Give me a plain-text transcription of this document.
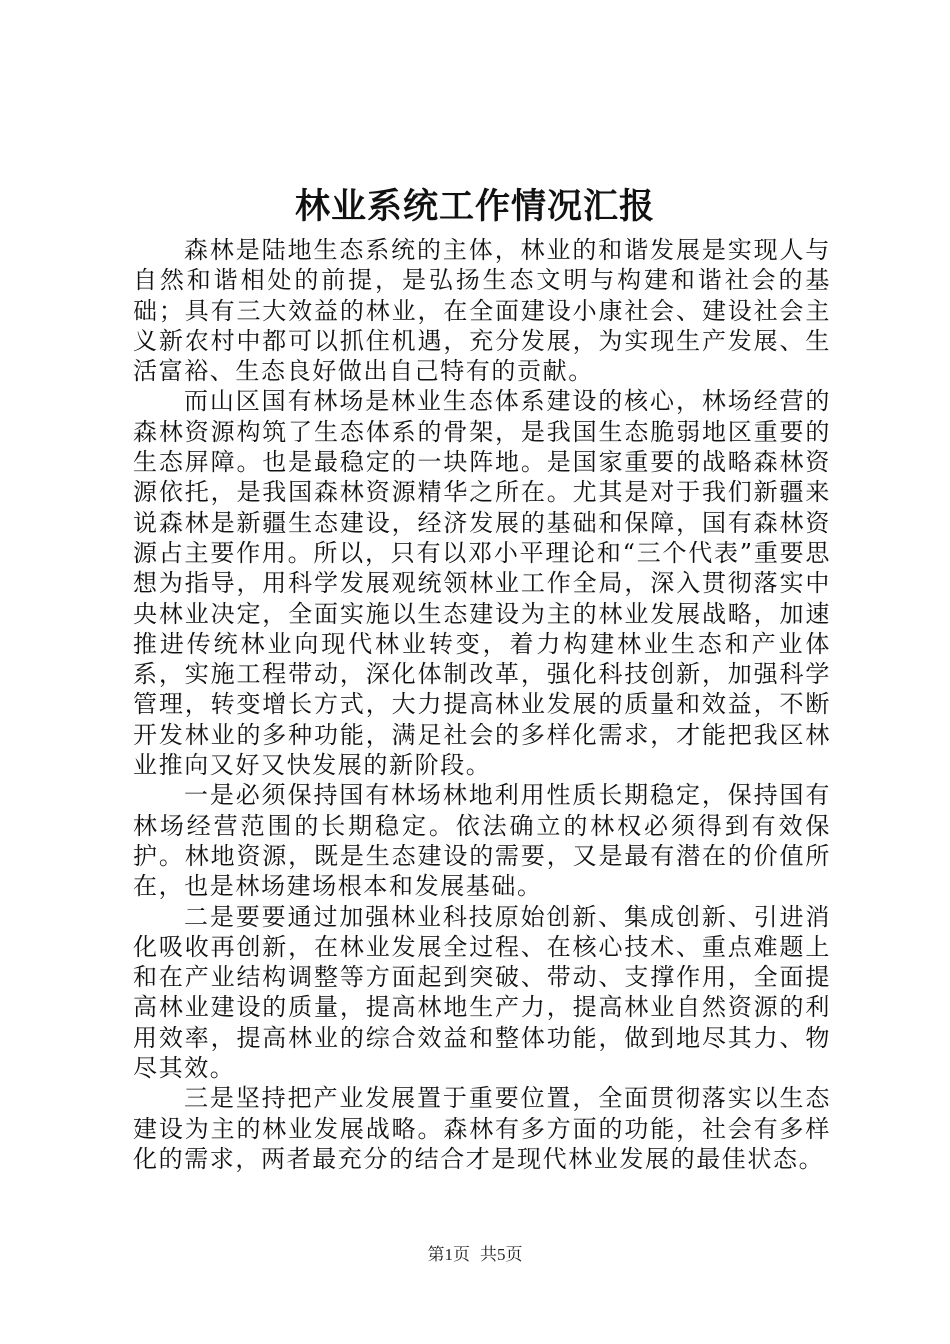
林业系统工作情况汇报

森林是陆地生态系统的主体，林业的和谐发展是实现人与自然和谐相处的前提，是弘扬生态文明与构建和谐社会的基础；具有三大效益的林业，在全面建设小康社会、建设社会主义新农村中都可以抓住机遇，充分发展，为实现生产发展、生活富裕、生态良好做出自己特有的贡献。

而山区国有林场是林业生态体系建设的核心，林场经营的森林资源构筑了生态体系的骨架，是我国生态脆弱地区重要的生态屏障。也是最稳定的一块阵地。是国家重要的战略森林资源依托，是我国森林资源精华之所在。尤其是对于我们新疆来说森林是新疆生态建设，经济发展的基础和保障，国有森林资源占主要作用。所以，只有以邓小平理论和“三个代表”重要思想为指导，用科学发展观统领林业工作全局，深入贯彻落实中央林业决定，全面实施以生态建设为主的林业发展战略，加速推进传统林业向现代林业转变，着力构建林业生态和产业体系，实施工程带动，深化体制改革，强化科技创新，加强科学管理，转变增长方式，大力提高林业发展的质量和效益，不断开发林业的多种功能，满足社会的多样化需求，才能把我区林业推向又好又快发展的新阶段。

一是必须保持国有林场林地利用性质长期稳定，保持国有林场经营范围的长期稳定。依法确立的林权必须得到有效保护。林地资源，既是生态建设的需要，又是最有潜在的价值所在，也是林场建场根本和发展基础。

二是要要通过加强林业科技原始创新、集成创新、引进消化吸收再创新，在林业发展全过程、在核心技术、重点难题上和在产业结构调整等方面起到突破、带动、支撑作用，全面提高林业建设的质量，提高林地生产力，提高林业自然资源的利用效率，提高林业的综合效益和整体功能，做到地尽其力、物尽其效。

三是坚持把产业发展置于重要位置，全面贯彻落实以生态建设为主的林业发展战略。森林有多方面的功能，社会有多样化的需求，两者最充分的结合才是现代林业发展的最佳状态。

第1页 共5页
